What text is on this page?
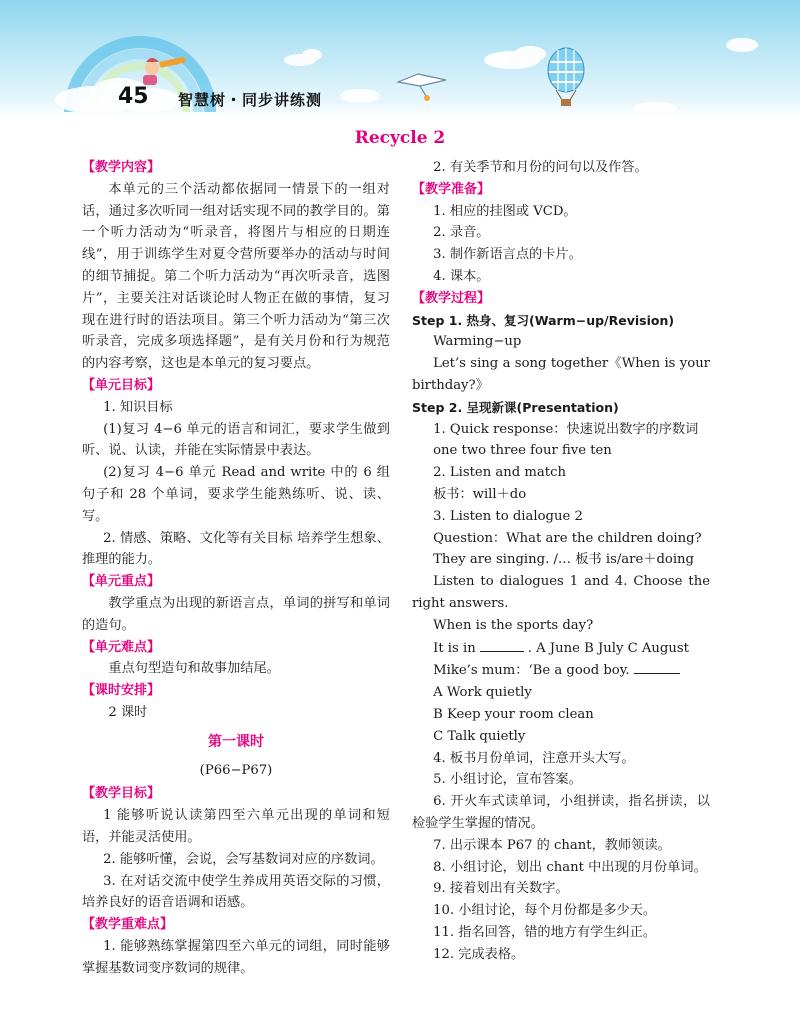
45 智慧树・同步讲练测
Recycle 2

【教学内容】

本单元的三个活动都依据同一情景下的一组对话，通过多次听同一组对话实现不同的教学目的。第一个听力活动为“听录音，将图片与相应的日期连线”，用于训练学生对夏令营所要举办的活动与时间的细节捕捉。第二个听力活动为“再次听录音，选图片”，主要关注对话谈论时人物正在做的事情，复习现在进行时的语法项目。第三个听力活动为“第三次听录音，完成多项选择题”，是有关月份和行为规范的内容考察，这也是本单元的复习要点。

【单元目标】

1. 知识目标

(1)复习 4−6 单元的语言和词汇，要求学生做到听、说、认读，并能在实际情景中表达。

(2)复习 4−6 单元 Read and write 中的 6 组句子和 28 个单词，要求学生能熟练听、说、读、写。

2. 情感、策略、文化等有关目标 培养学生想象、推理的能力。

【单元重点】

教学重点为出现的新语言点，单词的拼写和单词的造句。

【单元难点】

重点句型造句和故事加结尾。

【课时安排】

2 课时

第一课时

(P66−P67)

【教学目标】

1 能够听说认读第四至六单元出现的单词和短语，并能灵活使用。

2. 能够听懂，会说，会写基数词对应的序数词。

3. 在对话交流中使学生养成用英语交际的习惯，培养良好的语音语调和语感。

【教学重难点】

1. 能够熟练掌握第四至六单元的词组，同时能够掌握基数词变序数词的规律。

2. 有关季节和月份的问句以及作答。

【教学准备】

1. 相应的挂图或 VCD。

2. 录音。

3. 制作新语言点的卡片。

4. 课本。

【教学过程】

Step 1. 热身、复习(Warm−up/Revision)

Warming−up

Let’s sing a song together《When is your birthday?》

Step 2. 呈现新课(Presentation)

1. Quick response：快速说出数字的序数词

one two three four five ten

2. Listen and match

板书：will＋do

3. Listen to dialogue 2

Question：What are the children doing?

They are singing. /… 板书 is/are＋doing

Listen to dialogues 1 and 4. Choose the right answers.

When is the sports day?

It is in	. A June B July C August

Mike’s mum：‘Be a good boy.

A Work quietly

B Keep your room clean

C Talk quietly

4. 板书月份单词，注意开头大写。

5. 小组讨论，宣布答案。

6. 开火车式读单词，小组拼读，指名拼读，以检验学生掌握的情况。

7. 出示课本 P67 的 chant，教师领读。

8. 小组讨论，划出 chant 中出现的月份单词。

9. 接着划出有关数字。

10. 小组讨论，每个月份都是多少天。

11. 指名回答，错的地方有学生纠正。

12. 完成表格。
